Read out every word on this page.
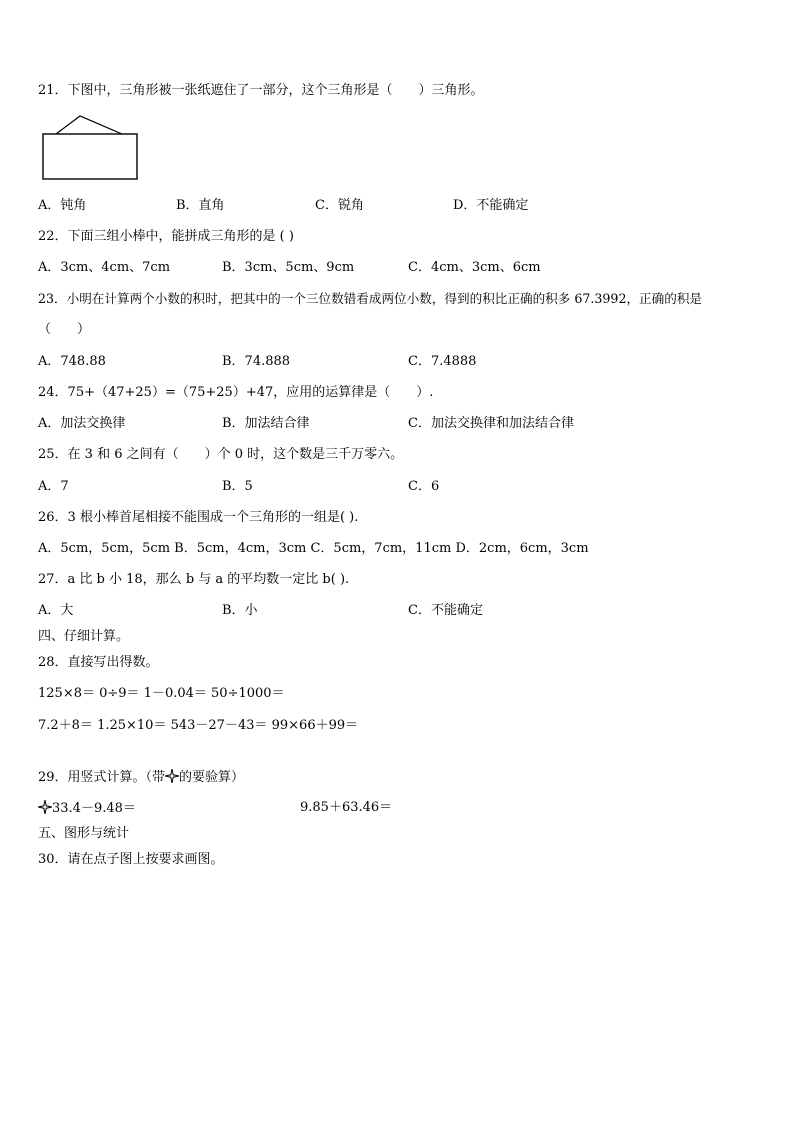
21．下图中，三角形被一张纸遮住了一部分，这个三角形是（　　）三角形。
A．钝角	B．直角	C．锐角	D．不能确定
22．下面三组小棒中，能拼成三角形的是 ( )
A．3cm、4cm、7cm	B．3cm、5cm、9cm	C．4cm、3cm、6cm
23．小明在计算两个小数的积时，把其中的一个三位数错看成两位小数，得到的积比正确的积多 67.3992，正确的积是
（　　）
A．748.88	B．74.888	C．7.4888
24．75+（47+25）=（75+25）+47，应用的运算律是（　　）.
A．加法交换律	B．加法结合律	C．加法交换律和加法结合律
25．在 3 和 6 之间有（　　）个 0 时，这个数是三千万零六。
A．7	B．5	C．6
26．3 根小棒首尾相接不能围成一个三角形的一组是( ).
A．5cm，5cm，5cm B．5cm，4cm，3cm C．5cm，7cm，11cm D．2cm，6cm，3cm
27．a 比 b 小 18，那么 b 与 a 的平均数一定比 b( ).
A．大	B．小	C．不能确定
四、仔细计算。
28．直接写出得数。
125×8＝ 0÷9＝ 1－0.04＝ 50÷1000＝
7.2＋8＝ 1.25×10＝ 543－27－43＝ 99×66＋99＝
29．用竖式计算。（带 的要验算）
33.4－9.48＝	9.85＋63.46＝
五、图形与统计
30．请在点子图上按要求画图。
